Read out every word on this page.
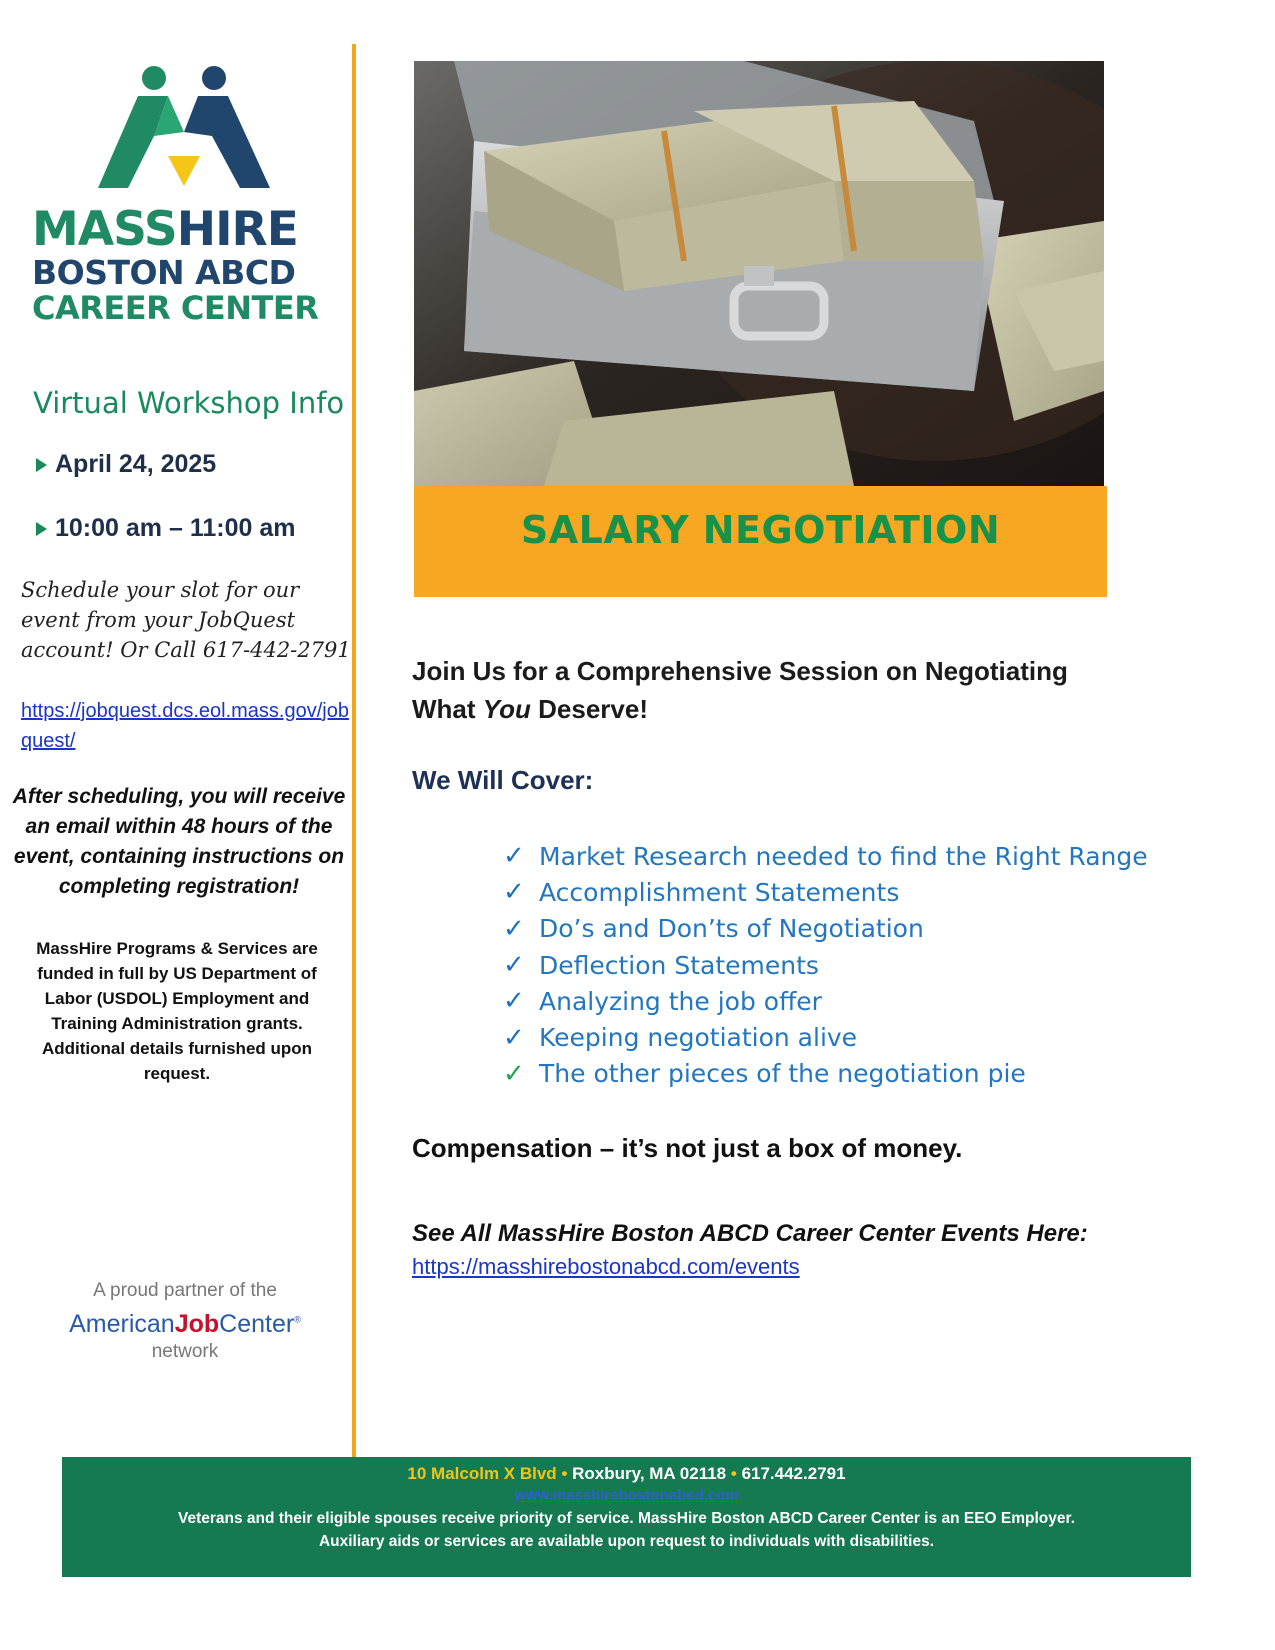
MASSHIRE
BOSTON ABCD
CAREER CENTER
Virtual Workshop Info
April 24, 2025
10:00 am – 11:00 am
Schedule your slot for our event from your JobQuest account! Or Call 617-442-2791
https://jobquest.dcs.eol.mass.gov/jobquest/
After scheduling, you will receive an email within 48 hours of the event, containing instructions on completing registration!
MassHire Programs & Services are funded in full by US Department of Labor (USDOL) Employment and Training Administration grants. Additional details furnished upon request.
A proud partner of the
AmericanJobCenter®
network
SALARY NEGOTIATION
Join Us for a Comprehensive Session on Negotiating What You Deserve!
We Will Cover:
✓ Market Research needed to find the Right Range
✓ Accomplishment Statements
✓ Do’s and Don’ts of Negotiation
✓ Deflection Statements
✓ Analyzing the job offer
✓ Keeping negotiation alive
✓ The other pieces of the negotiation pie
Compensation – it’s not just a box of money.
See All MassHire Boston ABCD Career Center Events Here:
https://masshirebostonabcd.com/events
10 Malcolm X Blvd • Roxbury, MA 02118 • 617.442.2791
www.masshirebostonabcd.com
Veterans and their eligible spouses receive priority of service. MassHire Boston ABCD Career Center is an EEO Employer.
Auxiliary aids or services are available upon request to individuals with disabilities.
